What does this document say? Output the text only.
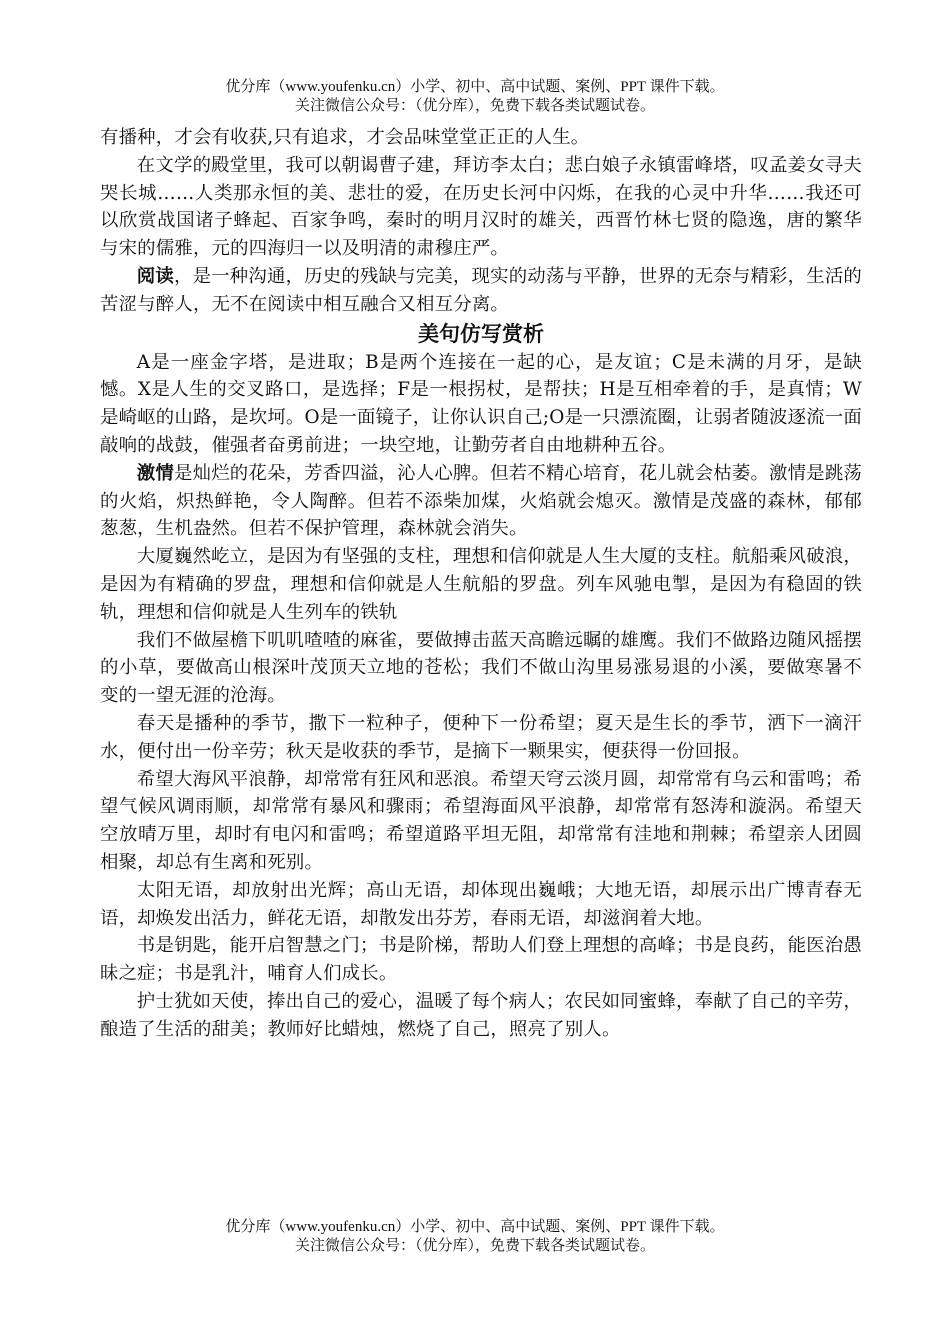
优分库（www.youfenku.cn）小学、初中、高中试题、案例、PPT 课件下载。
关注微信公众号：（优分库），免费下载各类试题试卷。

有播种，才会有收获,只有追求，才会品味堂堂正正的人生。

在文学的殿堂里，我可以朝谒曹子建，拜访李太白；悲白娘子永镇雷峰塔，叹孟姜女寻夫哭长城……人类那永恒的美、悲壮的爱，在历史长河中闪烁，在我的心灵中升华……我还可以欣赏战国诸子蜂起、百家争鸣，秦时的明月汉时的雄关，西晋竹林七贤的隐逸，唐的繁华与宋的儒雅，元的四海归一以及明清的肃穆庄严。

阅读，是一种沟通，历史的残缺与完美，现实的动荡与平静，世界的无奈与精彩，生活的苦涩与醉人，无不在阅读中相互融合又相互分离。

美句仿写赏析

A是一座金字塔，是进取；B是两个连接在一起的心，是友谊；C是未满的月牙，是缺憾。X是人生的交叉路口，是选择；F是一根拐杖，是帮扶；H是互相牵着的手，是真情；W是崎岖的山路，是坎坷。O是一面镜子，让你认识自己;O是一只漂流圈，让弱者随波逐流一面敲响的战鼓，催强者奋勇前进；一块空地，让勤劳者自由地耕种五谷。

激情是灿烂的花朵，芳香四溢，沁人心脾。但若不精心培育，花儿就会枯萎。激情是跳荡的火焰，炽热鲜艳，令人陶醉。但若不添柴加煤，火焰就会熄灭。激情是茂盛的森林，郁郁葱葱，生机盎然。但若不保护管理，森林就会消失。

大厦巍然屹立，是因为有坚强的支柱，理想和信仰就是人生大厦的支柱。航船乘风破浪，是因为有精确的罗盘，理想和信仰就是人生航船的罗盘。列车风驰电掣，是因为有稳固的铁轨，理想和信仰就是人生列车的铁轨

我们不做屋檐下叽叽喳喳的麻雀，要做搏击蓝天高瞻远瞩的雄鹰。我们不做路边随风摇摆的小草，要做高山根深叶茂顶天立地的苍松；我们不做山沟里易涨易退的小溪，要做寒暑不变的一望无涯的沧海。

春天是播种的季节，撒下一粒种子，便种下一份希望；夏天是生长的季节，洒下一滴汗水，便付出一份辛劳；秋天是收获的季节，是摘下一颗果实，便获得一份回报。

希望大海风平浪静，却常常有狂风和恶浪。希望天穹云淡月圆，却常常有乌云和雷鸣；希望气候风调雨顺，却常常有暴风和骤雨；希望海面风平浪静，却常常有怒涛和漩涡。希望天空放晴万里，却时有电闪和雷鸣；希望道路平坦无阻，却常常有洼地和荆棘；希望亲人团圆相聚，却总有生离和死别。

太阳无语，却放射出光辉；高山无语，却体现出巍峨；大地无语，却展示出广博青春无语，却焕发出活力，鲜花无语，却散发出芬芳，春雨无语，却滋润着大地。

书是钥匙，能开启智慧之门；书是阶梯，帮助人们登上理想的高峰；书是良药，能医治愚昧之症；书是乳汁，哺育人们成长。

护士犹如天使，捧出自己的爱心，温暖了每个病人；农民如同蜜蜂，奉献了自己的辛劳，酿造了生活的甜美；教师好比蜡烛，燃烧了自己，照亮了别人。

优分库（www.youfenku.cn）小学、初中、高中试题、案例、PPT 课件下载。
关注微信公众号：（优分库），免费下载各类试题试卷。
